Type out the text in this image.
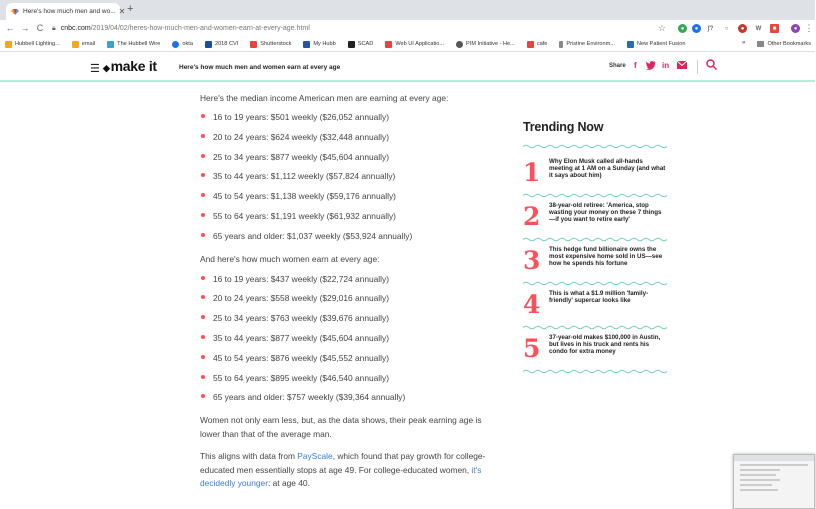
Here's how much men and wo... ✕ +
← → C	🔒︎ cnbc.com /2019/04/02/heres-how-much-men-and-women-earn-at-every-age.html	☆	●	●	ʃ?	○	●	W	■	● ⋮
Hubbell Lighting...	email	The Hubbell Wire	okta	2018 CVI	Shutterstock	My Hubb	SCAD	Web UI Applicatio...	PIM Initiative - He...	cafe	Pristine Environm...	New Patient Fusion	»	Other Bookmarks
☰ ◆make it	Here's how much men and women earn at every age	Share f	in
Here's the median income American men are earning at every age:
16 to 19 years: $501 weekly ($26,052 annually)
20 to 24 years: $624 weekly ($32,448 annually)
25 to 34 years: $877 weekly ($45,604 annually)
35 to 44 years: $1,112 weekly ($57,824 annually)
45 to 54 years: $1,138 weekly ($59,176 annually)
55 to 64 years: $1,191 weekly ($61,932 annually)
65 years and older: $1,037 weekly ($53,924 annually)
And here's how much women earn at every age:
16 to 19 years: $437 weekly ($22,724 annually)
20 to 24 years: $558 weekly ($29,016 annually)
25 to 34 years: $763 weekly ($39,676 annually)
35 to 44 years: $877 weekly ($45,604 annually)
45 to 54 years: $876 weekly ($45,552 annually)
55 to 64 years: $895 weekly ($46,540 annually)
65 years and older: $757 weekly ($39,364 annually)

Women not only earn less, but, as the data shows, their peak earning age is lower than that of the average man.

This aligns with data from PayScale, which found that pay growth for college-educated men essentially stops at age 49. For college-educated women, it's decidedly younger: at age 40.

Trending Now
1 Why Elon Musk called all-hands meeting at 1 AM on a Sunday (and what it says about him)
2 38-year-old retiree: 'America, stop wasting your money on these 7 things—if you want to retire early'
3 This hedge fund billionaire owns the most expensive home sold in US—see how he spends his fortune
4 This is what a $1.9 million 'family-friendly' supercar looks like
5 37-year-old makes $100,000 in Austin, but lives in his truck and rents his condo for extra money
